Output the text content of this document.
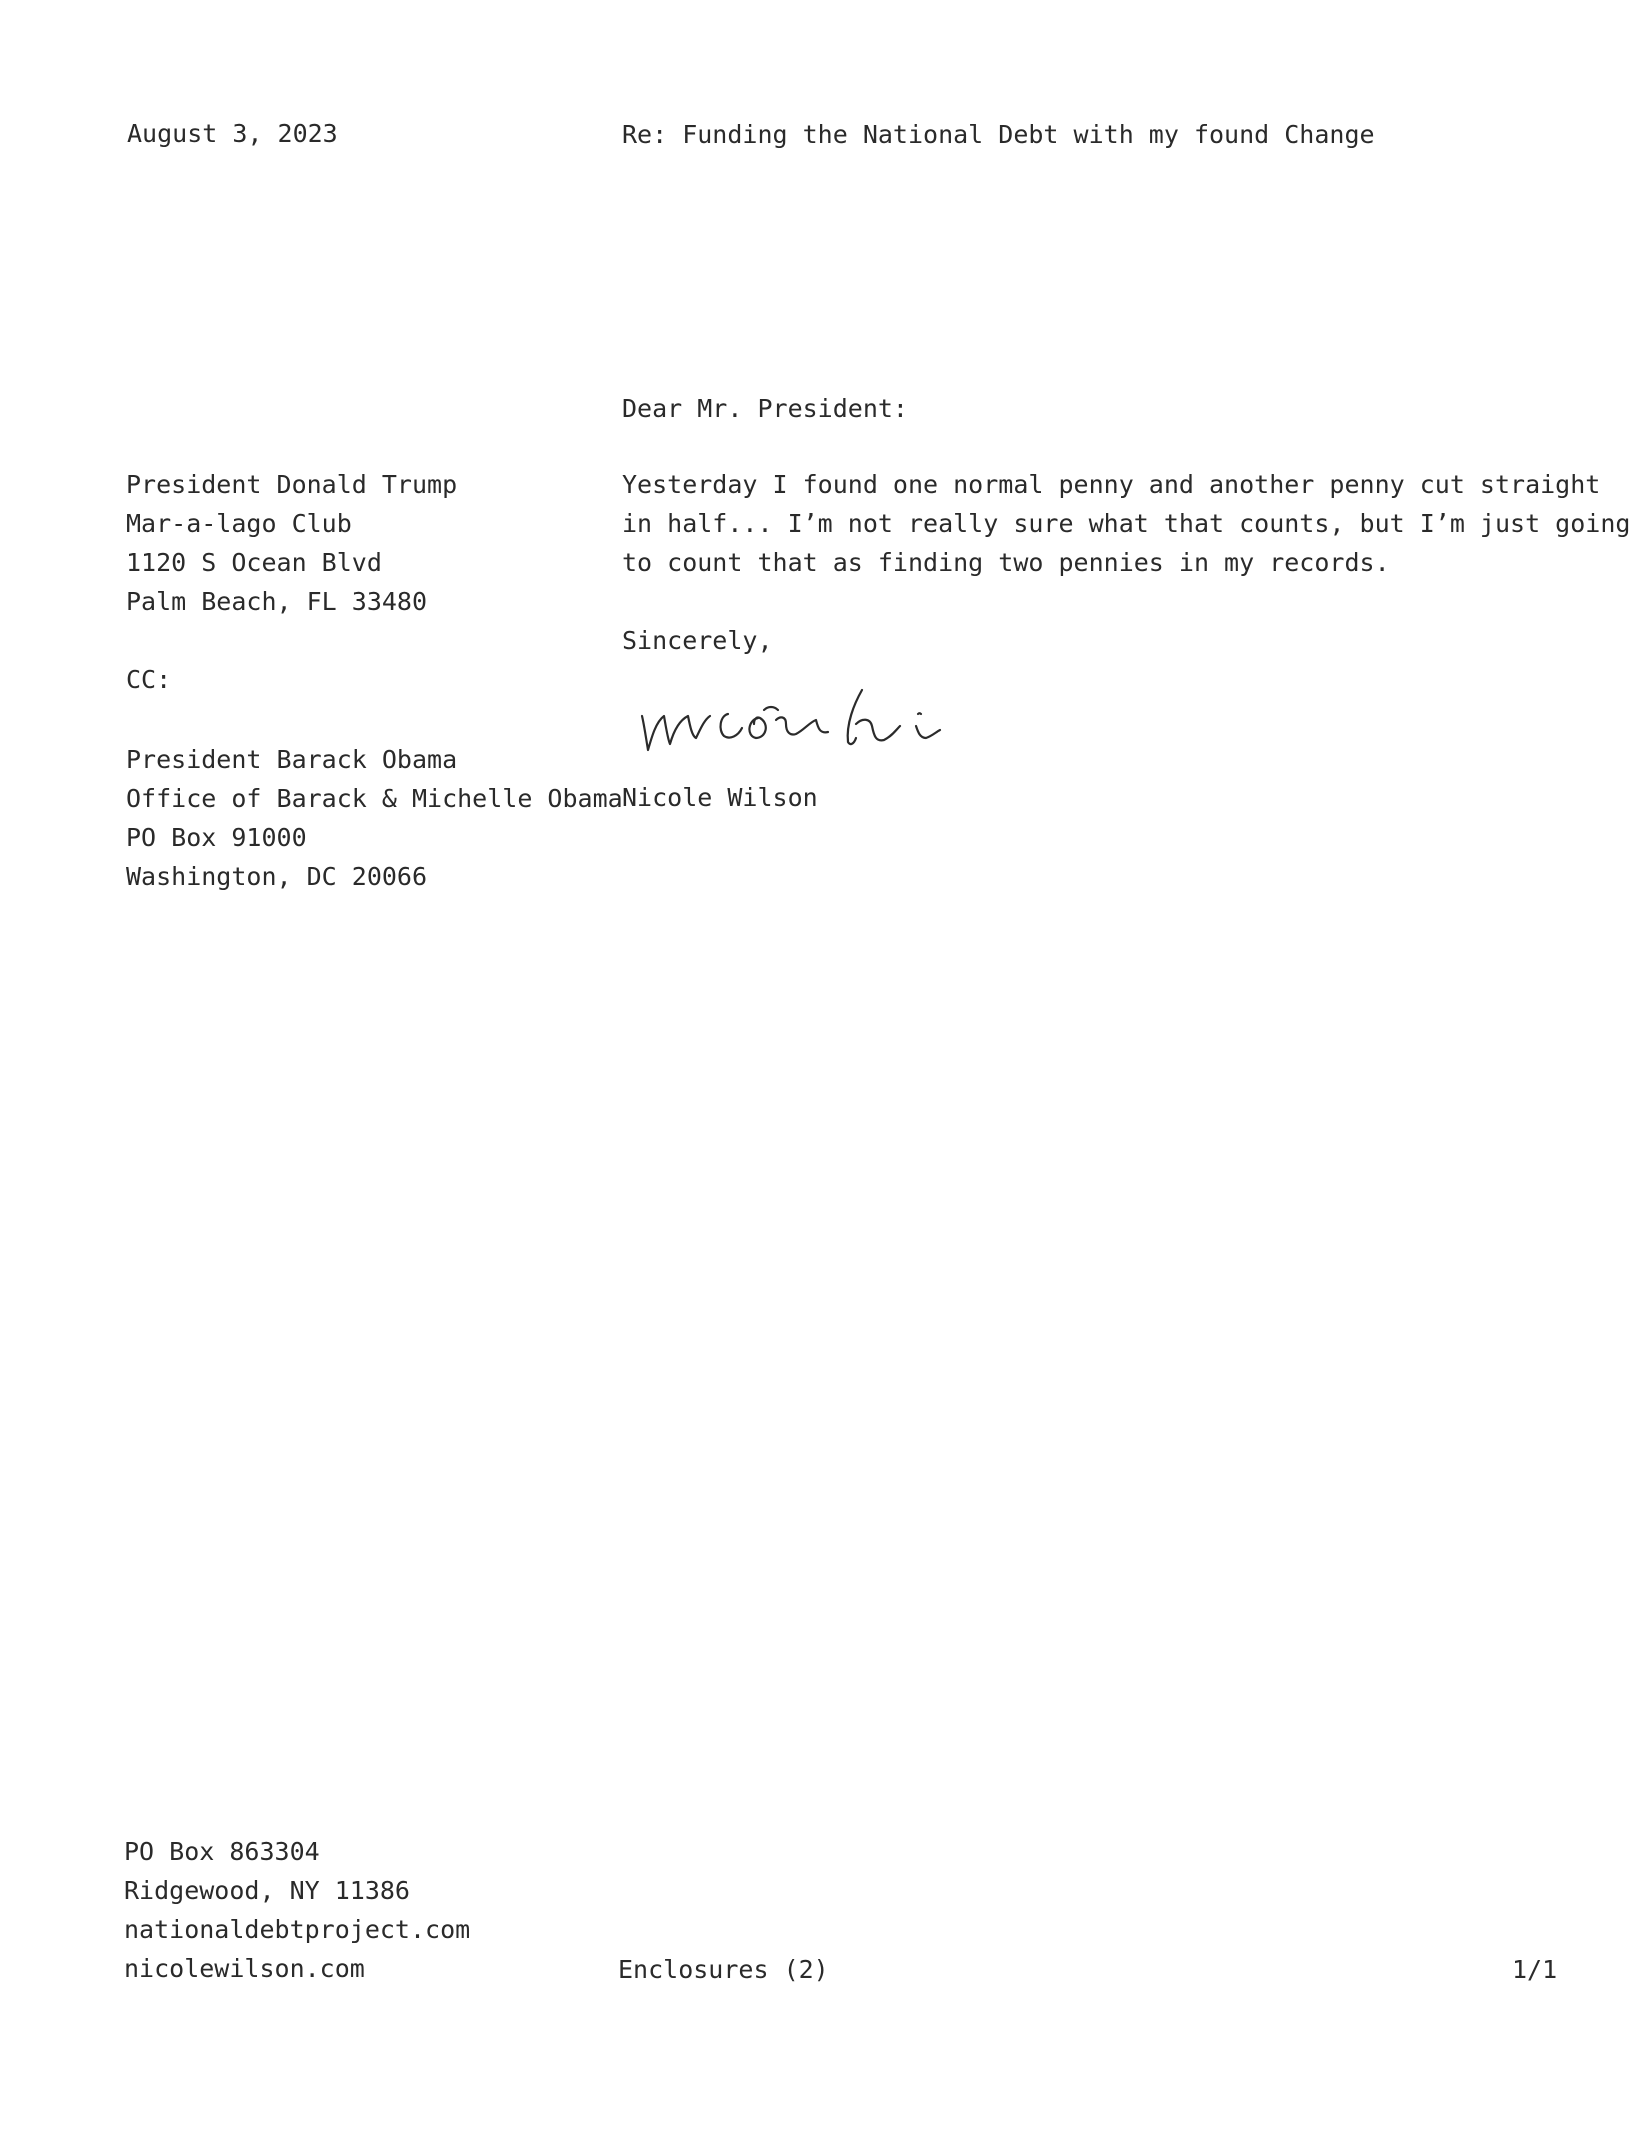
August 3, 2023	Re: Funding the National Debt with my found Change
Dear Mr. President:
President Donald Trump
Mar-a-lago Club
1120 S Ocean Blvd
Palm Beach, FL 33480
Yesterday I found one normal penny and another penny cut straight
in half... I’m not really sure what that counts, but I’m just going
to count that as finding two pennies in my records.
Sincerely,
CC:
Nicole Wilson
President Barack Obama
Office of Barack & Michelle Obama
PO Box 91000
Washington, DC 20066
PO Box 863304
Ridgewood, NY 11386
nationaldebtproject.com
nicolewilson.com	Enclosures (2)	1/1
